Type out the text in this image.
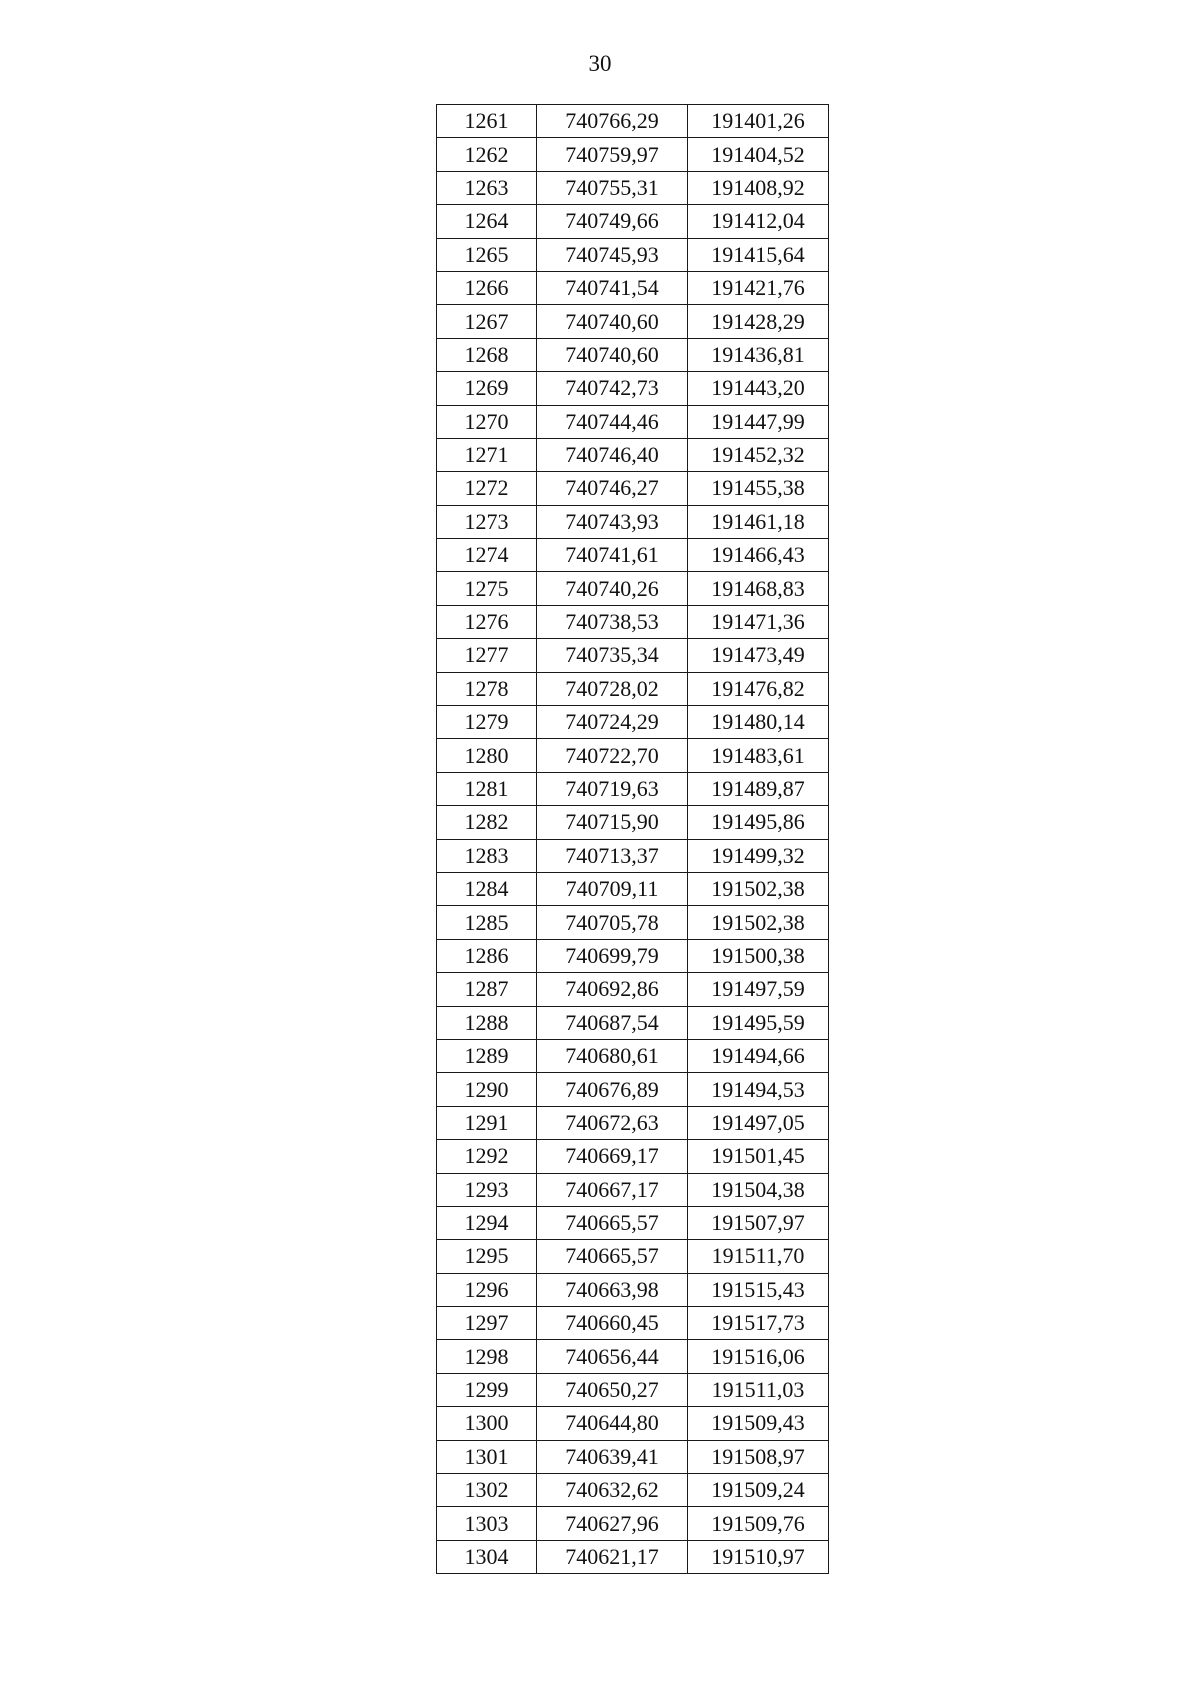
30
1261	740766,29	191401,26
1262	740759,97	191404,52
1263	740755,31	191408,92
1264	740749,66	191412,04
1265	740745,93	191415,64
1266	740741,54	191421,76
1267	740740,60	191428,29
1268	740740,60	191436,81
1269	740742,73	191443,20
1270	740744,46	191447,99
1271	740746,40	191452,32
1272	740746,27	191455,38
1273	740743,93	191461,18
1274	740741,61	191466,43
1275	740740,26	191468,83
1276	740738,53	191471,36
1277	740735,34	191473,49
1278	740728,02	191476,82
1279	740724,29	191480,14
1280	740722,70	191483,61
1281	740719,63	191489,87
1282	740715,90	191495,86
1283	740713,37	191499,32
1284	740709,11	191502,38
1285	740705,78	191502,38
1286	740699,79	191500,38
1287	740692,86	191497,59
1288	740687,54	191495,59
1289	740680,61	191494,66
1290	740676,89	191494,53
1291	740672,63	191497,05
1292	740669,17	191501,45
1293	740667,17	191504,38
1294	740665,57	191507,97
1295	740665,57	191511,70
1296	740663,98	191515,43
1297	740660,45	191517,73
1298	740656,44	191516,06
1299	740650,27	191511,03
1300	740644,80	191509,43
1301	740639,41	191508,97
1302	740632,62	191509,24
1303	740627,96	191509,76
1304	740621,17	191510,97
